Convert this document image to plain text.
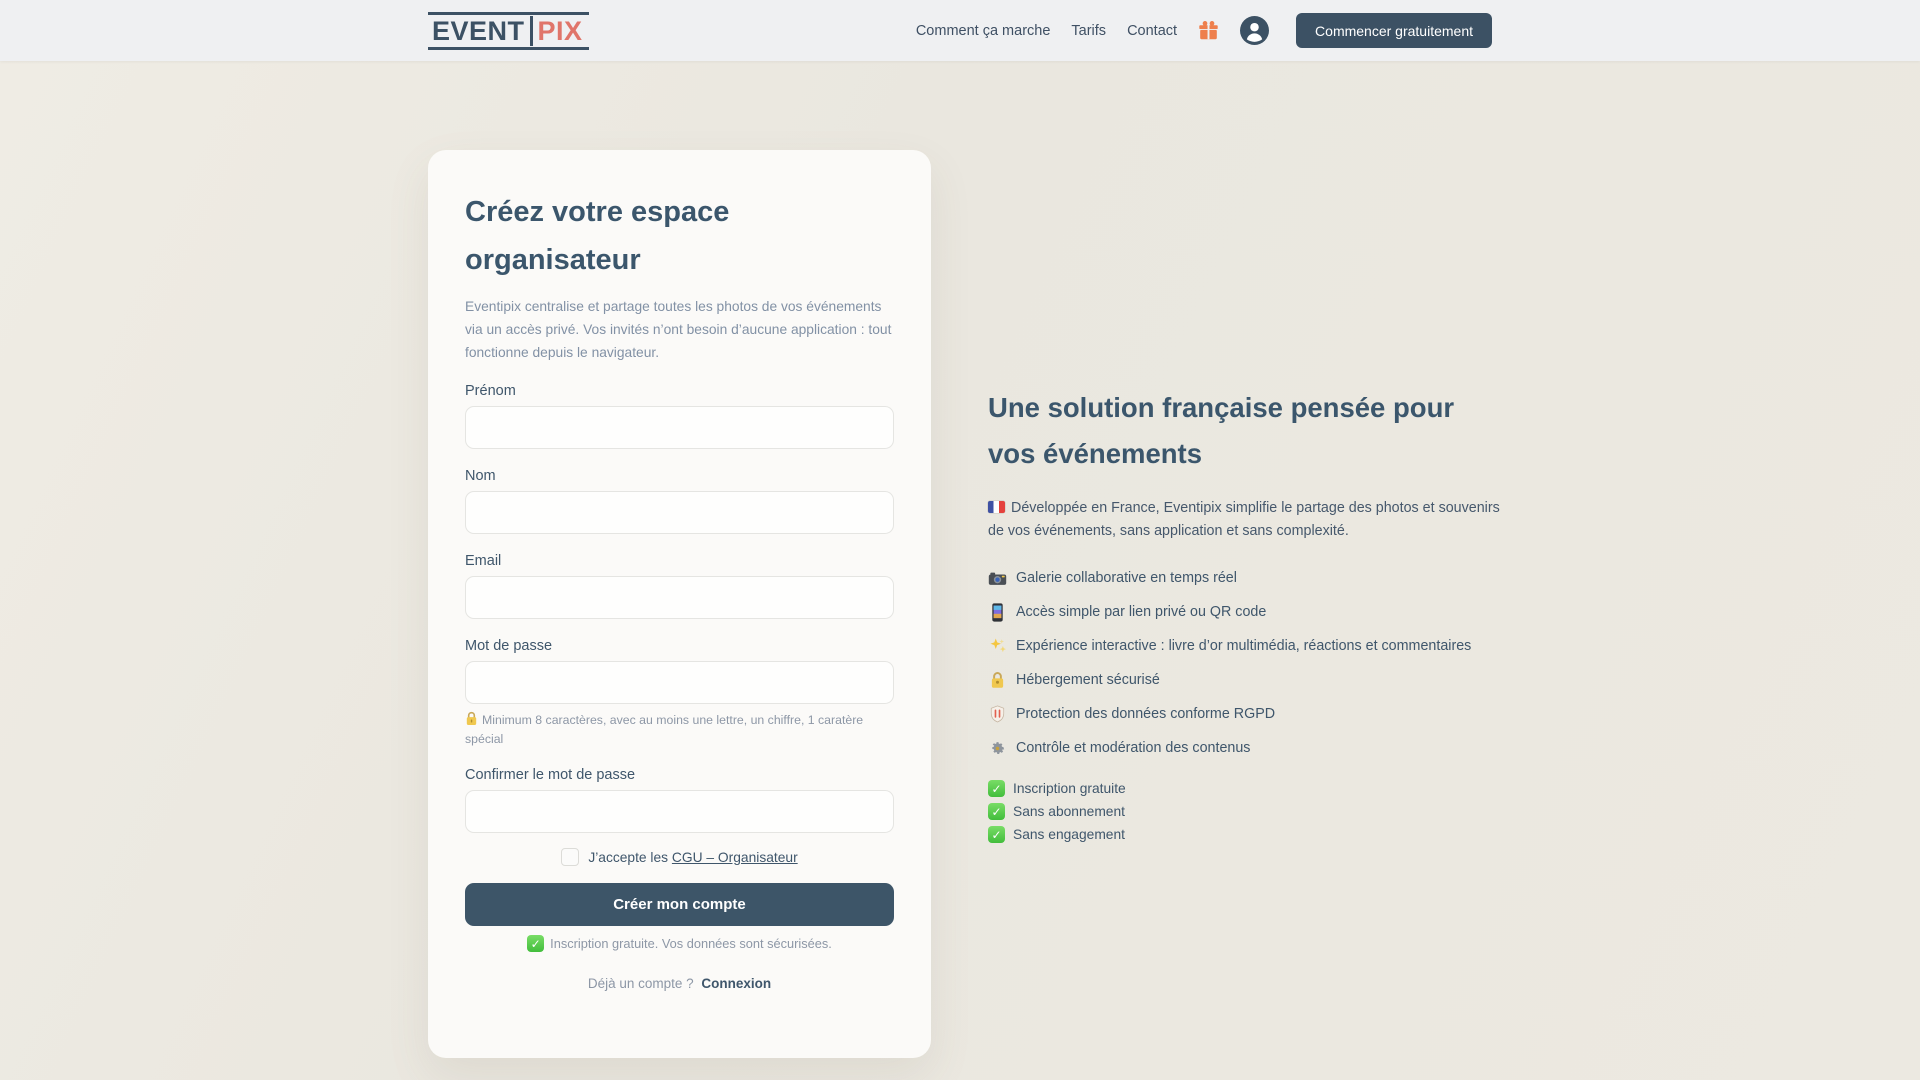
EVENT PIX	Comment ça marche Tarifs Contact	Commencer gratuitement
Créez votre espace organisateur

Eventipix centralise et partage toutes les photos de vos événements via un accès privé. Vos invités n’ont besoin d’aucune application : tout fonctionne depuis le navigateur.

Prénom
Nom
Email
Mot de passe
Minimum 8 caractères, avec au moins une lettre, un chiffre, 1 caratère spécial
Confirmer le mot de passe
J’accepte les CGU – Organisateur
Créer mon compte
✓
Inscription gratuite. Vos données sont sécurisées.
Déjà un compte ? Connexion
Une solution française pensée pour vos événements

Développée en France, Eventipix simplifie le partage des photos et souvenirs de vos événements, sans application et sans complexité.

Galerie collaborative en temps réel
Accès simple par lien privé ou QR code
Expérience interactive : livre d’or multimédia, réactions et commentaires
Hébergement sécurisé
Protection des données conforme RGPD
Contrôle et modération des contenus
✓
Inscription gratuite
✓
Sans abonnement
✓
Sans engagement
